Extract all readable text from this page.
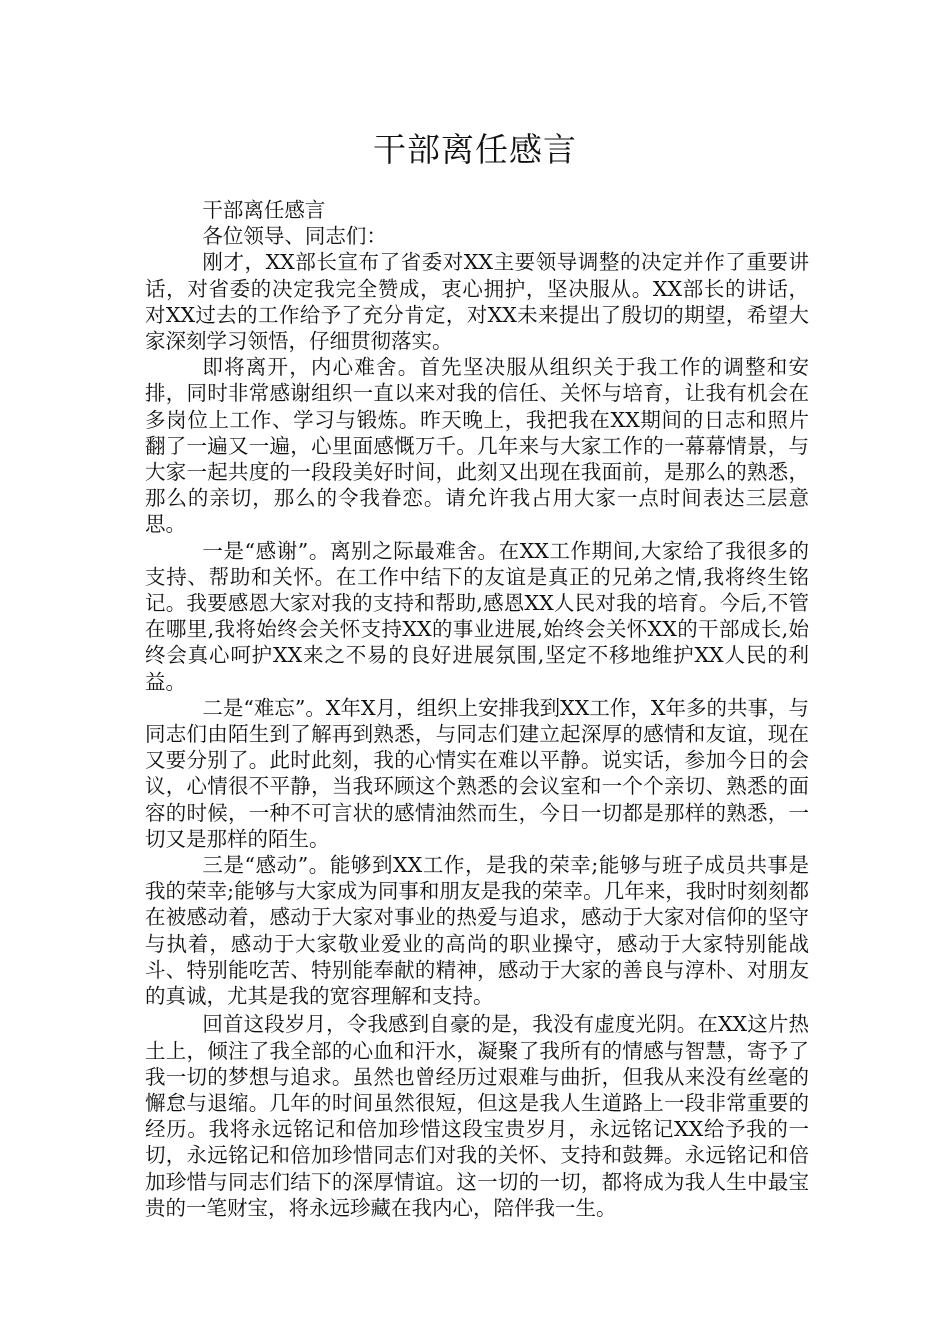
干部离任感言

干部离任感言

各位领导、同志们：

刚才，XX部长宣布了省委对XX主要领导调整的决定并作了重要讲话，对省委的决定我完全赞成，衷心拥护，坚决服从。XX部长的讲话，对XX过去的工作给予了充分肯定，对XX未来提出了殷切的期望，希望大家深刻学习领悟，仔细贯彻落实。

即将离开，内心难舍。首先坚决服从组织关于我工作的调整和安排，同时非常感谢组织一直以来对我的信任、关怀与培育，让我有机会在多岗位上工作、学习与锻炼。昨天晚上，我把我在XX期间的日志和照片翻了一遍又一遍，心里面感慨万千。几年来与大家工作的一幕幕情景，与大家一起共度的一段段美好时间，此刻又出现在我面前，是那么的熟悉，那么的亲切，那么的令我眷恋。请允许我占用大家一点时间表达三层意思。

一是“感谢”。离别之际最难舍。在XX工作期间,大家给了我很多的支持、帮助和关怀。在工作中结下的友谊是真正的兄弟之情,我将终生铭记。我要感恩大家对我的支持和帮助,感恩XX人民对我的培育。今后,不管在哪里,我将始终会关怀支持XX的事业进展,始终会关怀XX的干部成长,始终会真心呵护XX来之不易的良好进展氛围,坚定不移地维护XX人民的利益。

二是“难忘”。X年X月，组织上安排我到XX工作，X年多的共事，与同志们由陌生到了解再到熟悉，与同志们建立起深厚的感情和友谊，现在又要分别了。此时此刻，我的心情实在难以平静。说实话，参加今日的会议，心情很不平静，当我环顾这个熟悉的会议室和一个个亲切、熟悉的面容的时候，一种不可言状的感情油然而生，今日一切都是那样的熟悉，一切又是那样的陌生。

三是“感动”。能够到XX工作，是我的荣幸;能够与班子成员共事是我的荣幸;能够与大家成为同事和朋友是我的荣幸。几年来，我时时刻刻都在被感动着，感动于大家对事业的热爱与追求，感动于大家对信仰的坚守与执着，感动于大家敬业爱业的高尚的职业操守，感动于大家特别能战斗、特别能吃苦、特别能奉献的精神，感动于大家的善良与淳朴、对朋友的真诚，尤其是我的宽容理解和支持。

回首这段岁月，令我感到自豪的是，我没有虚度光阴。在XX这片热土上，倾注了我全部的心血和汗水，凝聚了我所有的情感与智慧，寄予了我一切的梦想与追求。虽然也曾经历过艰难与曲折，但我从来没有丝毫的懈怠与退缩。几年的时间虽然很短，但这是我人生道路上一段非常重要的经历。我将永远铭记和倍加珍惜这段宝贵岁月，永远铭记XX给予我的一切，永远铭记和倍加珍惜同志们对我的关怀、支持和鼓舞。永远铭记和倍加珍惜与同志们结下的深厚情谊。这一切的一切，都将成为我人生中最宝贵的一笔财宝，将永远珍藏在我内心，陪伴我一生。
